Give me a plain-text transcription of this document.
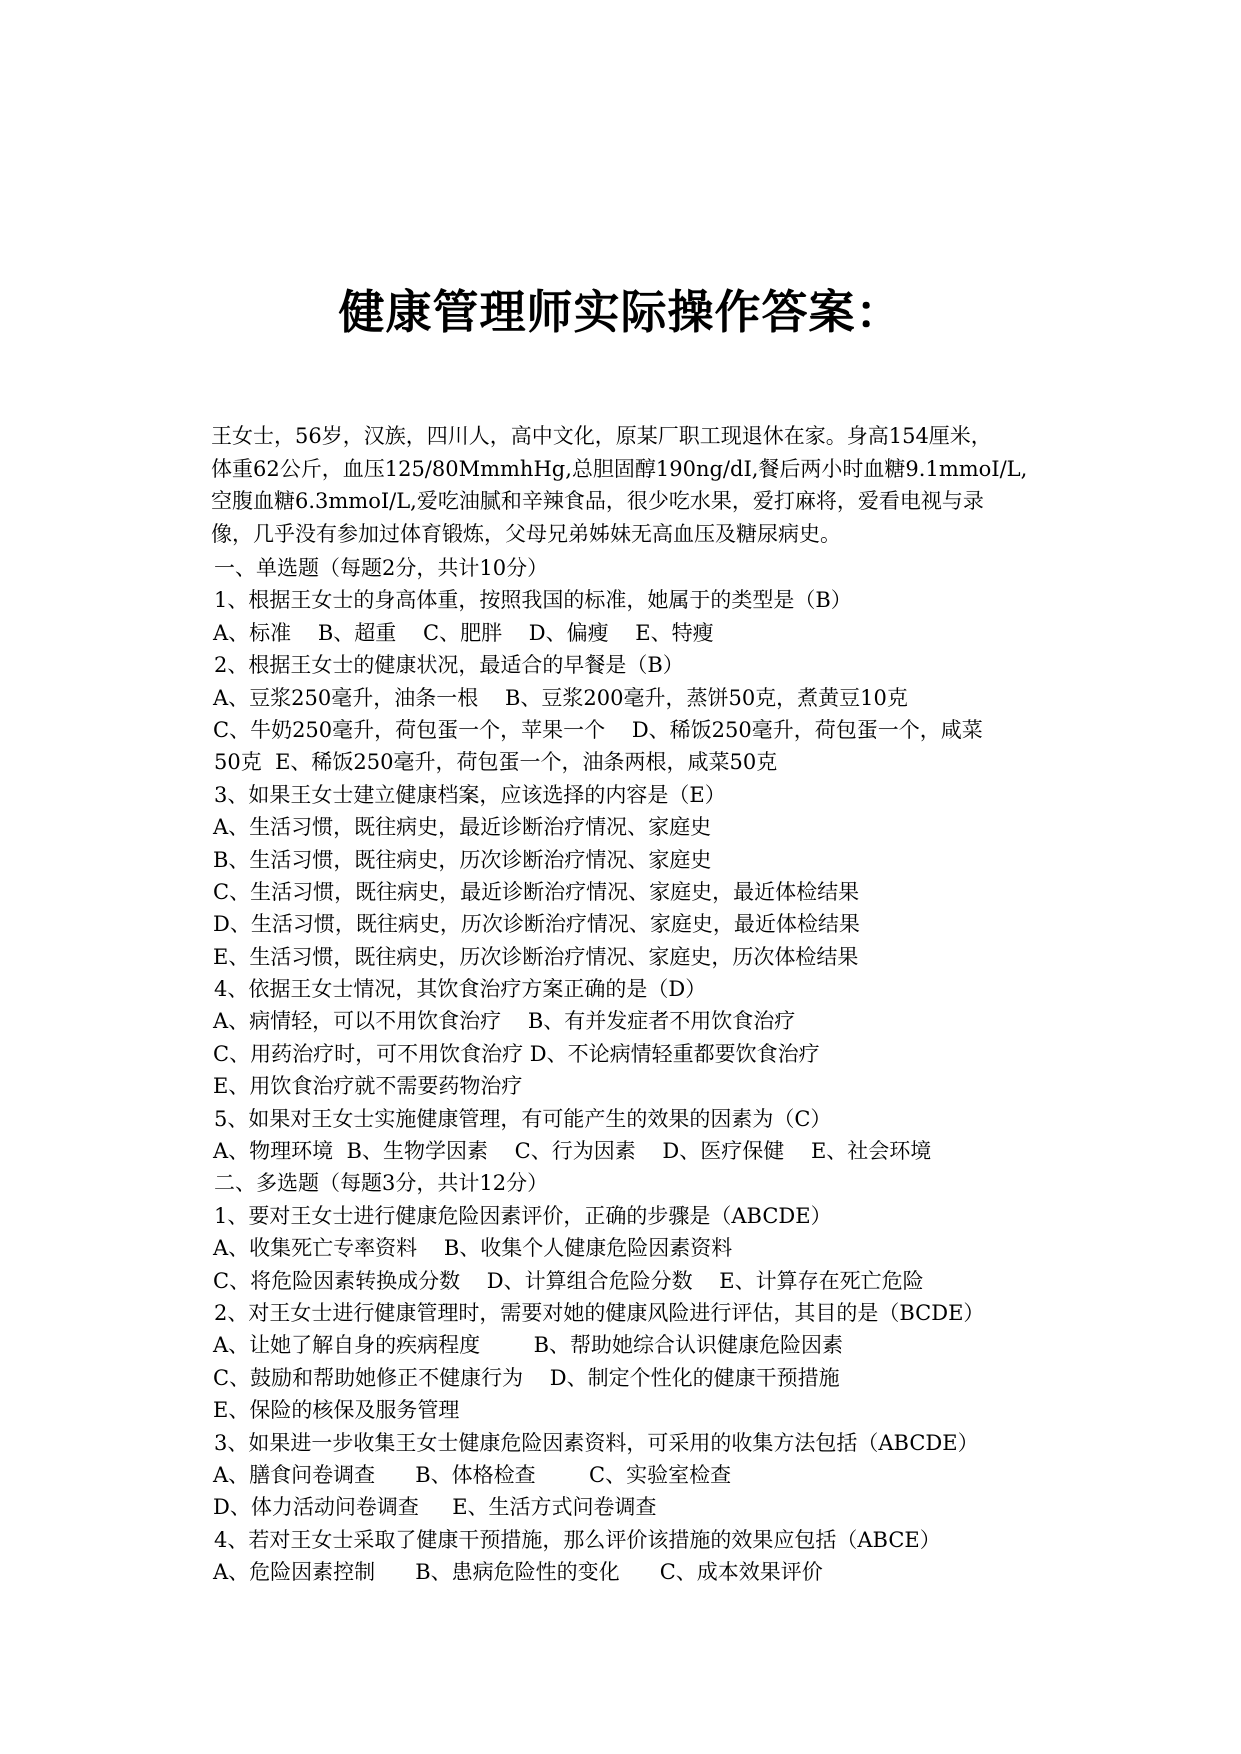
健康管理师实际操作答案：
王女士，56岁，汉族，四川人，高中文化，原某厂职工现退休在家。身高154厘米，
体重62公斤，血压125/80MmmhHg,总胆固醇190ng/dI,餐后两小时血糖9.1mmoI/L,
空腹血糖6.3mmoI/L,爱吃油腻和辛辣食品，很少吃水果，爱打麻将，爱看电视与录
像，几乎没有参加过体育锻炼，父母兄弟姊妹无高血压及糖尿病史。
一、单选题（每题2分，共计10分）
1、根据王女士的身高体重，按照我国的标准，她属于的类型是（B）
A、标准    B、超重    C、肥胖    D、偏瘦    E、特瘦
2、根据王女士的健康状况，最适合的早餐是（B）
A、豆浆250毫升，油条一根    B、豆浆200毫升，蒸饼50克，煮黄豆10克
C、牛奶250毫升，荷包蛋一个，苹果一个    D、稀饭250毫升，荷包蛋一个，咸菜
50克  E、稀饭250毫升，荷包蛋一个，油条两根，咸菜50克
3、如果王女士建立健康档案，应该选择的内容是（E）
A、生活习惯，既往病史，最近诊断治疗情况、家庭史
B、生活习惯，既往病史，历次诊断治疗情况、家庭史
C、生活习惯，既往病史，最近诊断治疗情况、家庭史，最近体检结果
D、生活习惯，既往病史，历次诊断治疗情况、家庭史，最近体检结果
E、生活习惯，既往病史，历次诊断治疗情况、家庭史，历次体检结果
4、依据王女士情况，其饮食治疗方案正确的是（D）
A、病情轻，可以不用饮食治疗    B、有并发症者不用饮食治疗
C、用药治疗时，可不用饮食治疗 D、不论病情轻重都要饮食治疗
E、用饮食治疗就不需要药物治疗
5、如果对王女士实施健康管理，有可能产生的效果的因素为（C）
A、物理环境  B、生物学因素    C、行为因素    D、医疗保健    E、社会环境
二、多选题（每题3分，共计12分）
1、要对王女士进行健康危险因素评价，正确的步骤是（ABCDE）
A、收集死亡专率资料    B、收集个人健康危险因素资料
C、将危险因素转换成分数    D、计算组合危险分数    E、计算存在死亡危险
2、对王女士进行健康管理时，需要对她的健康风险进行评估，其目的是（BCDE）
A、让她了解自身的疾病程度        B、帮助她综合认识健康危险因素
C、鼓励和帮助她修正不健康行为    D、制定个性化的健康干预措施
E、保险的核保及服务管理
3、如果进一步收集王女士健康危险因素资料，可采用的收集方法包括（ABCDE）
A、膳食问卷调查      B、体格检查        C、实验室检查
D、体力活动问卷调查     E、生活方式问卷调查
4、若对王女士采取了健康干预措施，那么评价该措施的效果应包括（ABCE）
A、危险因素控制      B、患病危险性的变化      C、成本效果评价
